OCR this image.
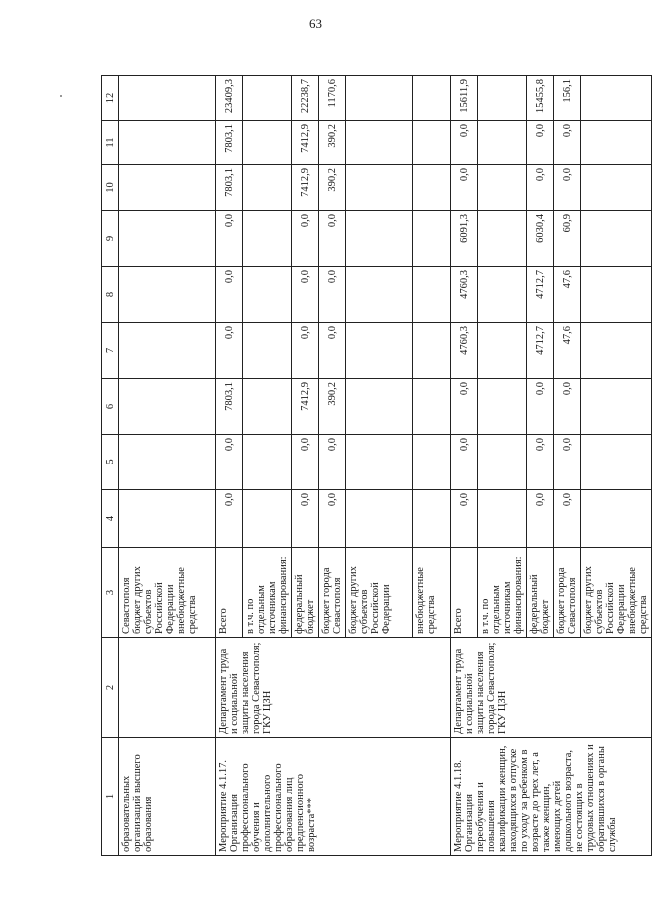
63
1	2	3	4	5	6	7	8	9	10	11	12
образовательных организаций высшего образования		Севастополя бюджет других субъектов Российской Федерации внебюджетные средства									
Мероприятие 4.1.17. Организация профессионального обучения и дополнительного профессионального образования лиц предпенсионного возраста***	Департамент труда и социальной защиты населения города Севастополя; ГКУ ЦЗН	Всего	0,0	0,0	7803,1	0,0	0,0	0,0	7803,1	7803,1	23409,3
		в т.ч. по отдельным источникам финансирования:									
		федеральный бюджет	0,0	0,0	7412,9	0,0	0,0	0,0	7412,9	7412,9	22238,7
		бюджет города Севастополя	0,0	0,0	390,2	0,0	0,0	0,0	390,2	390,2	1170,6
		бюджет других субъектов Российской Федерации									
		внебюджетные средства									
Мероприятие 4.1.18. Организация переобучения и повышения квалификации женщин, находящихся в отпуске по уходу за ребенком в возрасте до трех лет, а также женщин, имеющих детей дошкольного возраста, не состоящих в трудовых отношениях и обратившихся в органы службы	Департамент труда и социальной защиты населения города Севастополя; ГКУ ЦЗН	Всего	0,0	0,0	0,0	4760,3	4760,3	6091,3	0,0	0,0	15611,9
		в т.ч. по отдельным источникам финансирования:									
		федеральный бюджет	0,0	0,0	0,0	4712,7	4712,7	6030,4	0,0	0,0	15455,8
		бюджет города Севастополя	0,0	0,0	0,0	47,6	47,6	60,9	0,0	0,0	156,1
		бюджет других субъектов Российской Федерации внебюджетные средства									
